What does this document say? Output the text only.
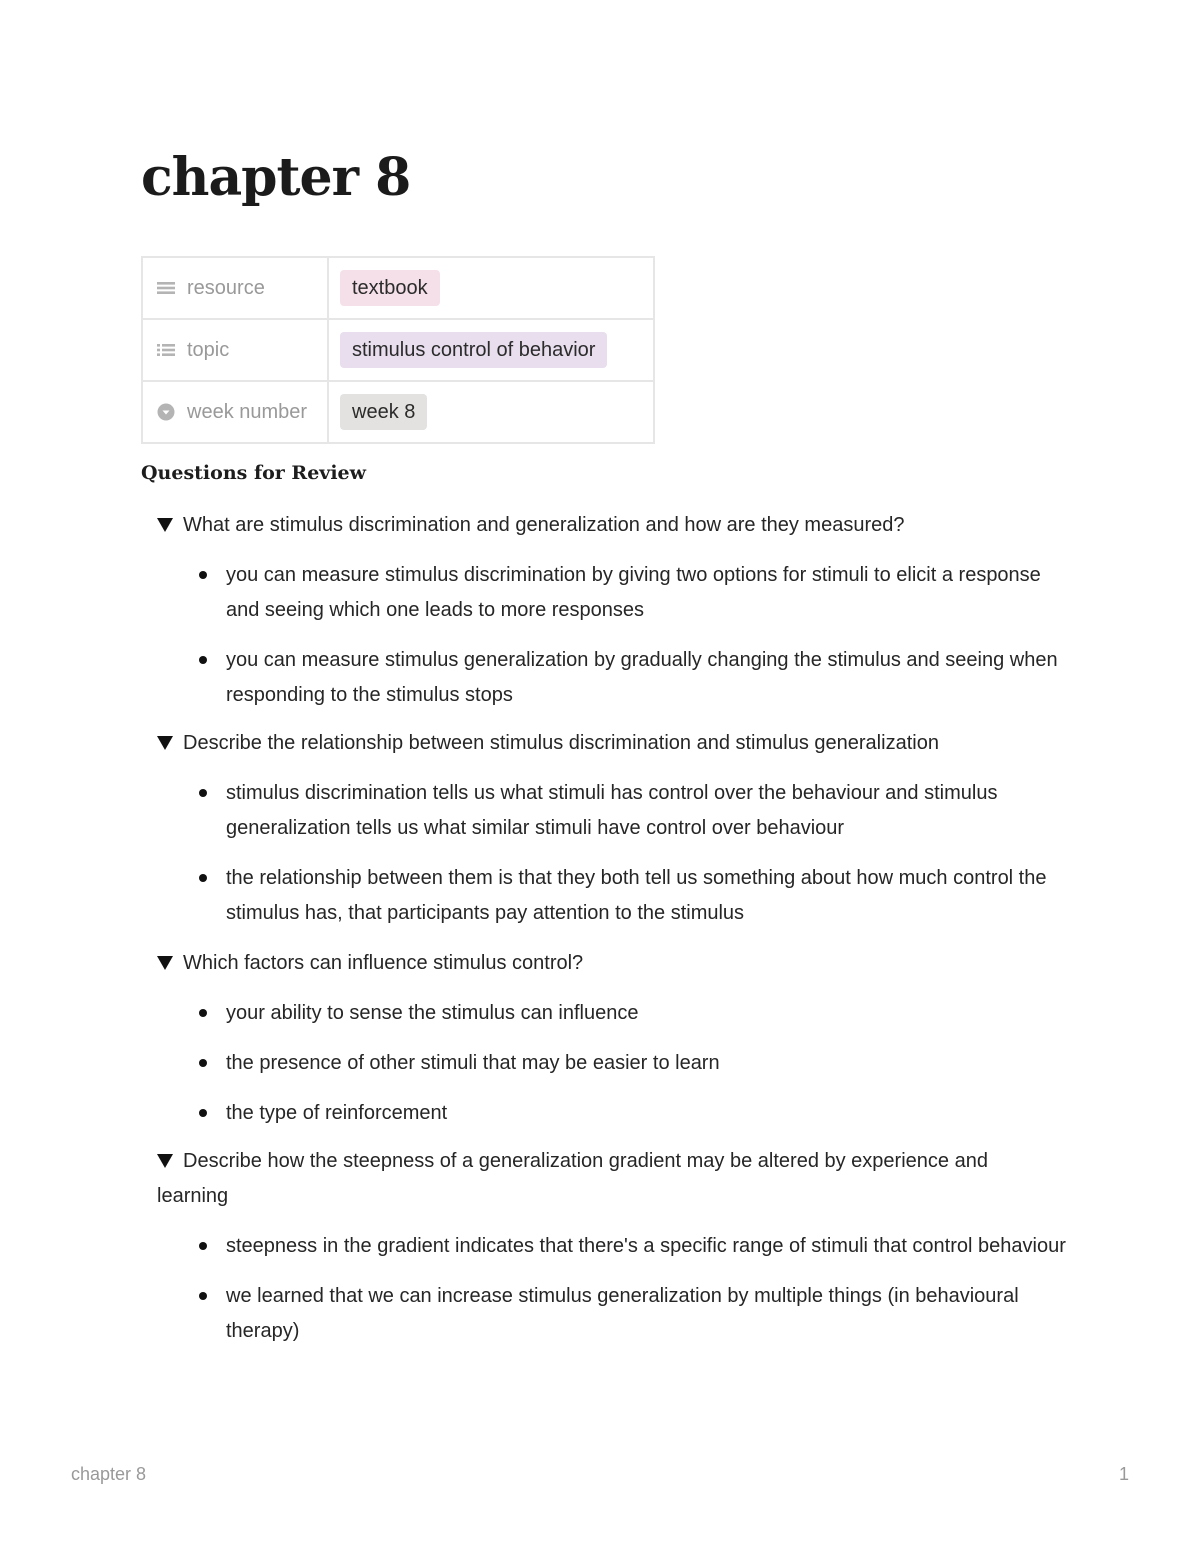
chapter 8
resource	textbook

topic	stimulus control of behavior

week number	week 8
Questions for Review
What are stimulus discrimination and generalization and how are they measured?
you can measure stimulus discrimination by giving two options for stimuli to elicit a response and seeing which one leads to more responses
you can measure stimulus generalization by gradually changing the stimulus and seeing when responding to the stimulus stops
Describe the relationship between stimulus discrimination and stimulus generalization
stimulus discrimination tells us what stimuli has control over the behaviour and stimulus generalization tells us what similar stimuli have control over behaviour
the relationship between them is that they both tell us something about how much control the stimulus has, that participants pay attention to the stimulus
Which factors can influence stimulus control?
your ability to sense the stimulus can influence
the presence of other stimuli that may be easier to learn
the type of reinforcement
Describe how the steepness of a generalization gradient may be altered by experience and learning
steepness in the gradient indicates that there's a specific range of stimuli that control behaviour
we learned that we can increase stimulus generalization by multiple things (in behavioural therapy)
chapter 8	1
